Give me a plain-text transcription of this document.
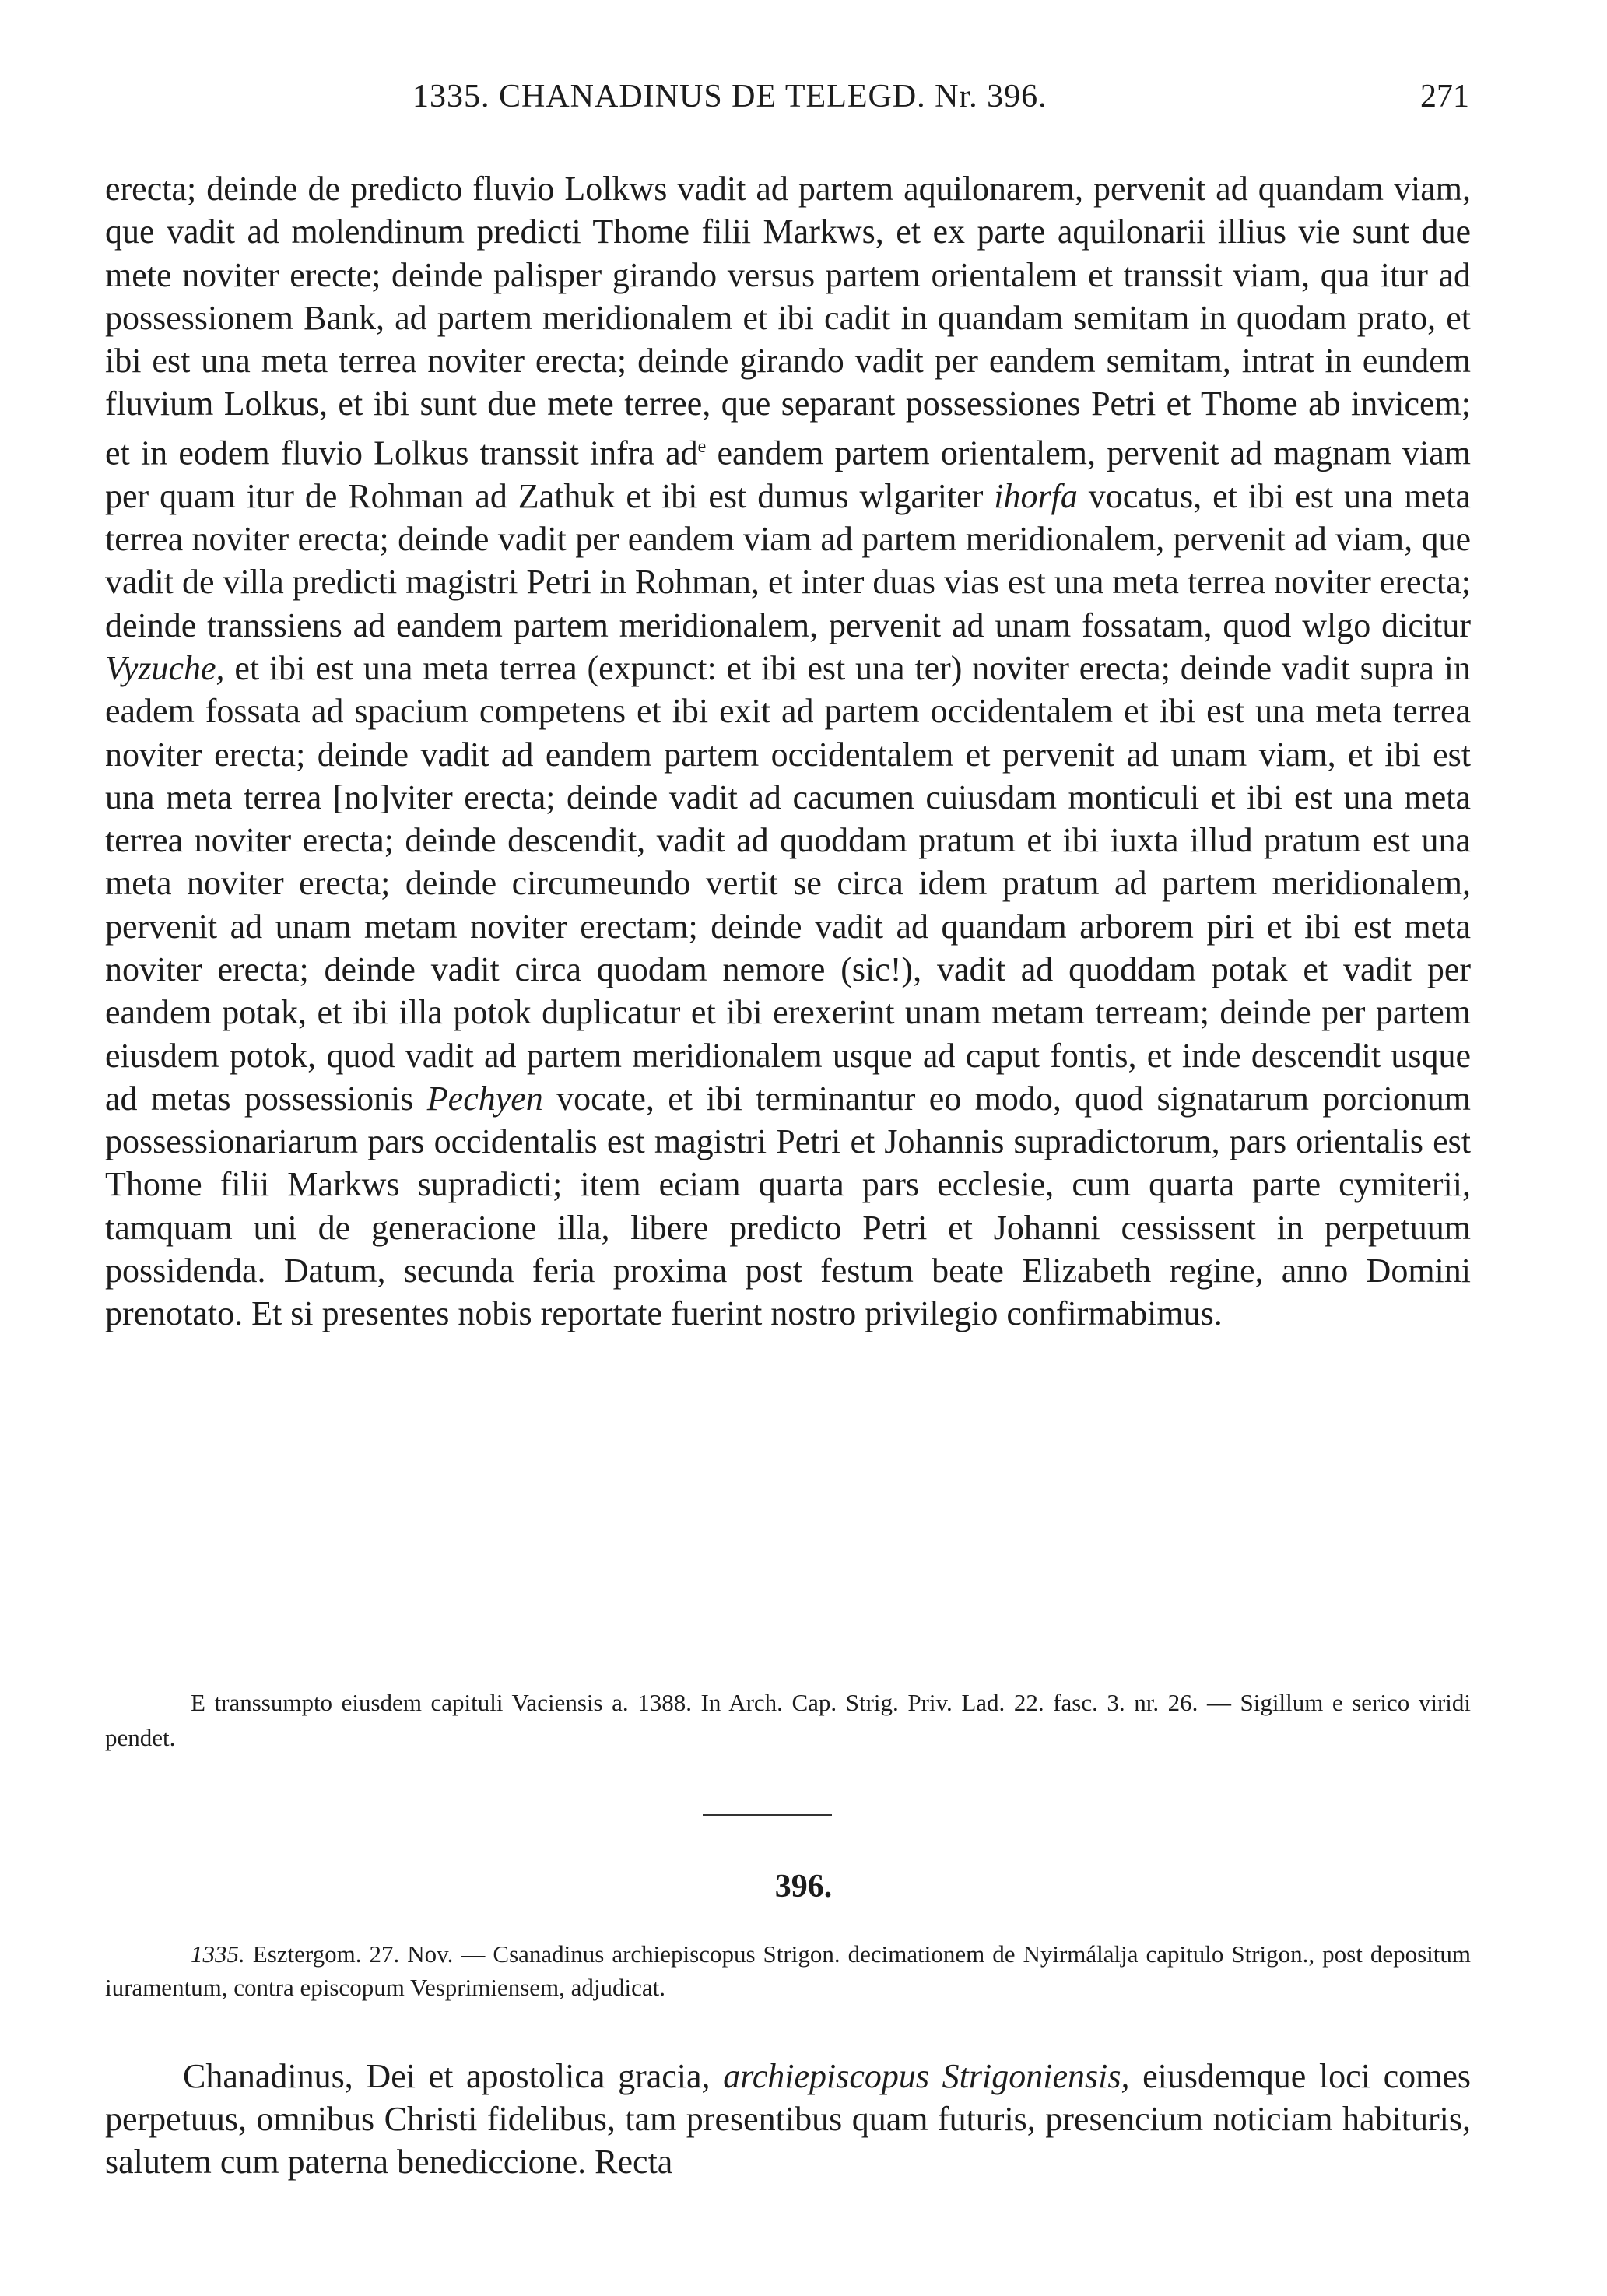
1335. CHANADINUS DE TELEGD. Nr. 396.	271

erecta; deinde de predicto fluvio Lolkws vadit ad partem aquilonarem, pervenit ad quandam viam, que vadit ad molendinum predicti Thome filii Markws, et ex parte aquilonarii illius vie sunt due mete noviter erecte; deinde palisper girando versus partem orientalem et transsit viam, qua itur ad possessionem Bank, ad partem meridionalem et ibi cadit in quandam semitam in quodam prato, et ibi est una meta terrea noviter erecta; deinde girando vadit per eandem semitam, intrat in eundem fluvium Lolkus, et ibi sunt due mete terree, que separant possessiones Petri et Thome ab invicem; et in eodem fluvio Lolkus transsit infra $ad^e$ eandem partem orientalem, pervenit ad magnam viam per quam itur de Rohman ad Zathuk et ibi est dumus wlgariter ihorfa vocatus, et ibi est una meta terrea noviter erecta; deinde vadit per eandem viam ad partem meridionalem, pervenit ad viam, que vadit de villa predicti magistri Petri in Rohman, et inter duas vias est una meta terrea noviter erecta; deinde transsiens ad eandem partem meridionalem, pervenit ad unam fossatam, quod wlgo dicitur Vyzuche, et ibi est una meta terrea (expunct: et ibi est una ter) noviter erecta; deinde vadit supra in eadem fossata ad spacium competens et ibi exit ad partem occidentalem et ibi est una meta terrea noviter erecta; deinde vadit ad eandem partem occidentalem et pervenit ad unam viam, et ibi est una meta terrea [no]viter erecta; deinde vadit ad cacumen cuiusdam monticuli et ibi est una meta terrea noviter erecta; deinde descendit, vadit ad quoddam pratum et ibi iuxta illud pratum est una meta noviter erecta; deinde circumeundo vertit se circa idem pratum ad partem meridionalem, pervenit ad unam metam noviter erectam; deinde vadit ad quandam arborem piri et ibi est meta noviter erecta; deinde vadit circa quodam nemore (sic!), vadit ad quoddam potak et vadit per eandem potak, et ibi illa potok duplicatur et ibi erexerint unam metam terream; deinde per partem eiusdem potok, quod vadit ad partem meridionalem usque ad caput fontis, et inde descendit usque ad metas possessionis Pechyen vocate, et ibi terminantur eo modo, quod signatarum porcionum possessionariarum pars occidentalis est magistri Petri et Johannis supradictorum, pars orientalis est Thome filii Markws supradicti; item eciam quarta pars ecclesie, cum quarta parte cymiterii, tamquam uni de generacione illa, libere predicto Petri et Johanni cessissent in perpetuum possidenda. Datum, secunda feria proxima post festum beate Elizabeth regine, anno Domini prenotato. Et si presentes nobis reportate fuerint nostro privilegio confirmabimus.

E transsumpto eiusdem capituli Vaciensis a. 1388. In Arch. Cap. Strig. Priv. Lad. 22. fasc. 3. nr. 26. — Sigillum e serico viridi pendet.

396.

1335. Esztergom. 27. Nov. — Csanadinus archiepiscopus Strigon. decimationem de Nyirmálalja capitulo Strigon., post depositum iuramentum, contra episcopum Vesprimiensem, adjudicat.

Chanadinus, Dei et apostolica gracia, archiepiscopus Strigoniensis, eiusdemque loci comes perpetuus, omnibus Christi fidelibus, tam presentibus quam futuris, presencium noticiam habituris, salutem cum paterna benediccione. Recta
